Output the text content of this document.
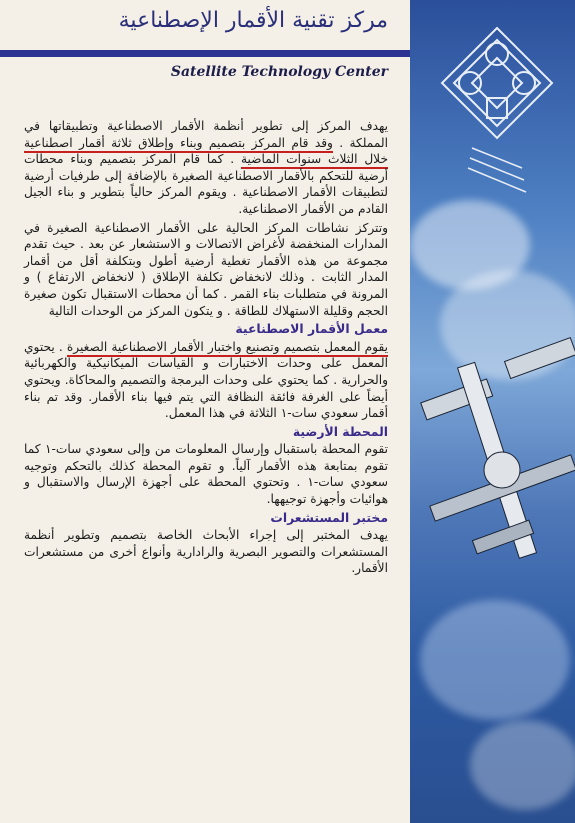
مركز تقنية الأقمار الإصطناعية
Satellite Technology Center

يهدف المركز إلى تطوير أنظمة الأقمار الاصطناعية وتطبيقاتها في المملكة . وقد قام المركز بتصميم وبناء وإطلاق ثلاثة أقمار اصطناعية خلال الثلاث سنوات الماضية . كما قام المركز بتصميم وبناء محطات أرضية للتحكم بالأقمار الاصطناعية الصغيرة بالإضافة إلى طرفيات أرضية لتطبيقات الأقمار الاصطناعية . ويقوم المركز حالياً بتطوير و بناء الجيل القادم من الأقمار الاصطناعية.

وتتركز نشاطات المركز الحالية على الأقمار الاصطناعية الصغيرة في المدارات المنخفضة لأغراض الاتصالات و الاستشعار عن بعد . حيث تقدم مجموعة من هذه الأقمار تغطية أرضية أطول وبتكلفة أقل من أقمار المدار الثابت . وذلك لانخفاض تكلفة الإطلاق ( لانخفاض الارتفاع ) و المرونة في متطلبات بناء القمر . كما أن محطات الاستقبال تكون صغيرة الحجم وقليلة الاستهلاك للطاقة . و يتكون المركز من الوحدات التالية

معمل الأقمار الاصطناعية

يقوم المعمل بتصميم وتصنيع واختبار الأقمار الاصطناعية الصغيرة . يحتوي المعمل على وحدات الاختبارات و القياسات الميكانيكية والكهربائية والحرارية . كما يحتوي على وحدات البرمجة والتصميم والمحاكاة. ويحتوي أيضاً على الغرفة فائقة النظافة التي يتم فيها بناء الأقمار. وقد تم بناء أقمار سعودي سات-١ الثلاثة في هذا المعمل.

المحطة الأرضية

تقوم المحطة باستقبال وإرسال المعلومات من وإلى سعودي سات-١ كما تقوم بمتابعة هذه الأقمار آلياً. و تقوم المحطة كذلك بالتحكم وتوجيه سعودي سات-١ . وتحتوي المحطة على أجهزة الإرسال والاستقبال و هوائيات وأجهزة توجيهها.

مختبر المستشعرات

يهدف المختبر إلى إجراء الأبحاث الخاصة بتصميم وتطوير أنظمة المستشعرات والتصوير البصرية والرادارية وأنواع أخرى من مستشعرات الأقمار.
